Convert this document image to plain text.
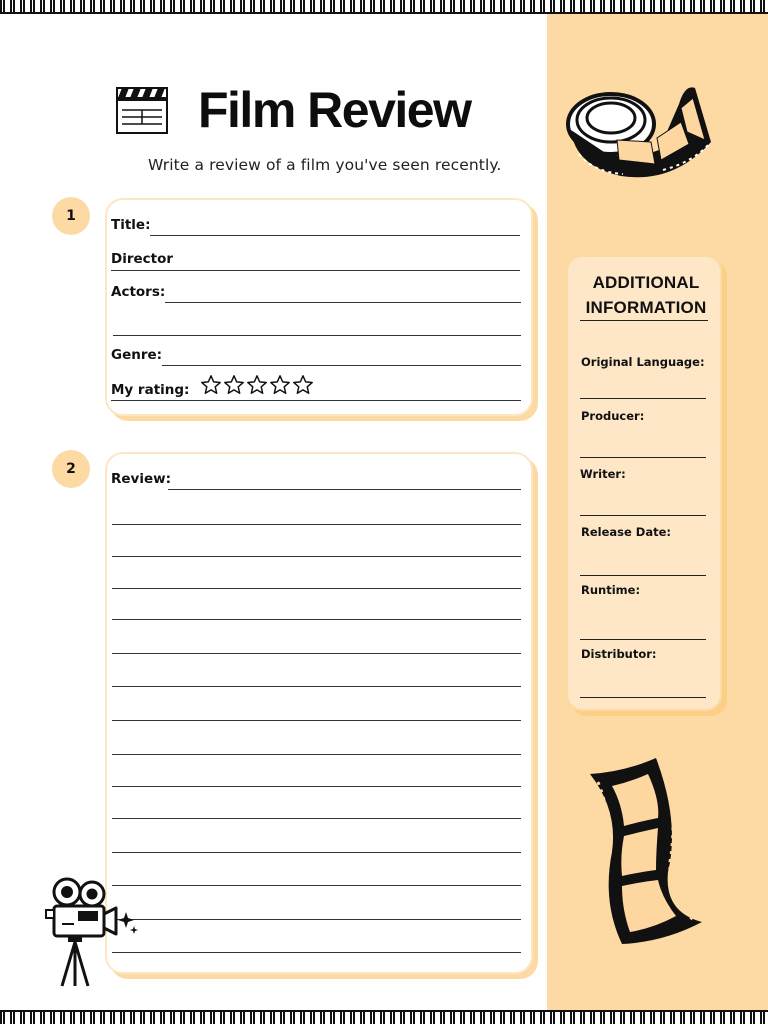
Film Review
Write a review of a film you've seen recently.
1
Title:
Director
Actors:
Genre:
My rating:
2
Review:
ADDITIONAL
INFORMATION
Original Language:
Producer:
Writer:
Release Date:
Runtime:
Distributor:
